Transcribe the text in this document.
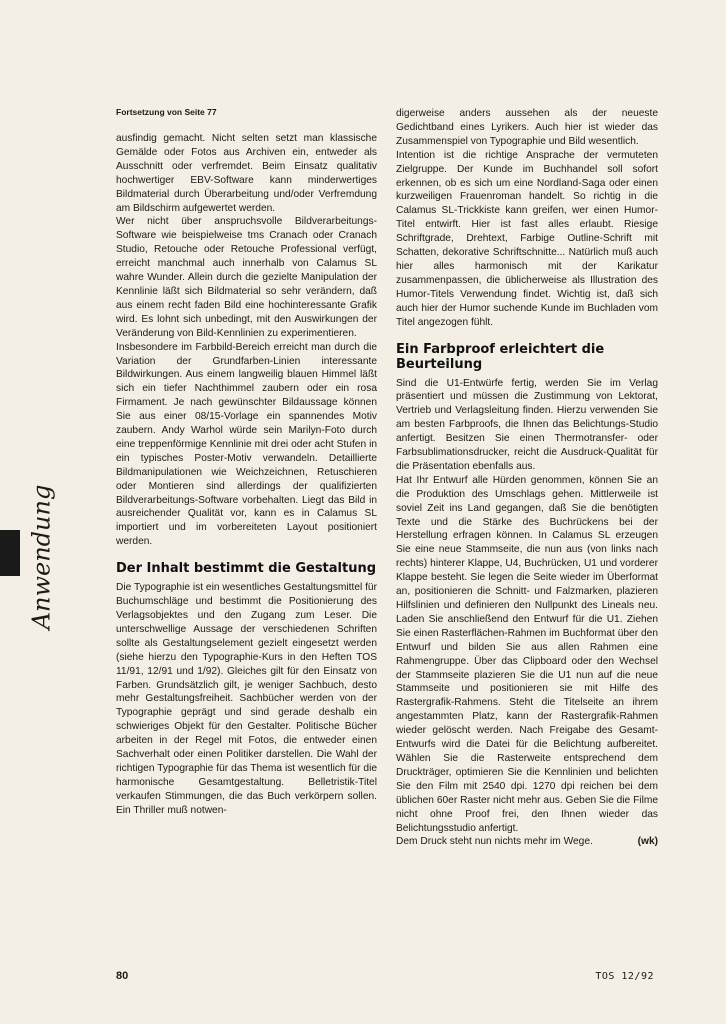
Anwendung
Fortsetzung von Seite 77

ausfindig gemacht. Nicht selten setzt man klassische Gemälde oder Fotos aus Archiven ein, entweder als Ausschnitt oder verfremdet. Beim Einsatz qualitativ hochwertiger EBV-Software kann minderwertiges Bildmaterial durch Überarbeitung und/oder Verfremdung am Bildschirm aufgewertet werden.

Wer nicht über anspruchsvolle Bildverarbeitungs-Software wie beispielweise tms Cranach oder Cranach Studio, Retouche oder Retouche Professional verfügt, erreicht manchmal auch innerhalb von Calamus SL wahre Wunder. Allein durch die gezielte Manipulation der Kennlinie läßt sich Bildmaterial so sehr verändern, daß aus einem recht faden Bild eine hochinteressante Grafik wird. Es lohnt sich unbedingt, mit den Auswirkungen der Veränderung von Bild-Kennlinien zu experimentieren.

Insbesondere im Farbbild-Bereich erreicht man durch die Variation der Grundfarben-Linien interessante Bildwirkungen. Aus einem langweilig blauen Himmel läßt sich ein tiefer Nachthimmel zaubern oder ein rosa Firmament. Je nach gewünschter Bildaussage können Sie aus einer 08/15-Vorlage ein spannendes Motiv zaubern. Andy Warhol würde sein Marilyn-Foto durch eine treppenförmige Kennlinie mit drei oder acht Stufen in ein typisches Poster-Motiv verwandeln. Detaillierte Bildmanipulationen wie Weichzeichnen, Retuschieren oder Montieren sind allerdings der qualifizierten Bildverarbeitungs-Software vorbehalten. Liegt das Bild in ausreichender Qualität vor, kann es in Calamus SL importiert und im vorbereiteten Layout positioniert werden.

Der Inhalt bestimmt die Gestaltung

Die Typographie ist ein wesentliches Gestaltungsmittel für Buchumschläge und bestimmt die Positionierung des Verlagsobjektes und den Zugang zum Leser. Die unterschwellige Aussage der verschiedenen Schriften sollte als Gestaltungselement gezielt eingesetzt werden (siehe hierzu den Typographie-Kurs in den Heften TOS 11/91, 12/91 und 1/92). Gleiches gilt für den Einsatz von Farben. Grundsätzlich gilt, je weniger Sachbuch, desto mehr Gestaltungsfreiheit. Sachbücher werden von der Typographie geprägt und sind gerade deshalb ein schwieriges Objekt für den Gestalter. Politische Bücher arbeiten in der Regel mit Fotos, die entweder einen Sachverhalt oder einen Politiker darstellen. Die Wahl der richtigen Typographie für das Thema ist wesentlich für die harmonische Gesamtgestaltung. Belletristik-Titel verkaufen Stimmungen, die das Buch verkörpern sollen. Ein Thriller muß notwen-

digerweise anders aussehen als der neueste Gedichtband eines Lyrikers. Auch hier ist wieder das Zusammenspiel von Typographie und Bild wesentlich.

Intention ist die richtige Ansprache der vermuteten Zielgruppe. Der Kunde im Buchhandel soll sofort erkennen, ob es sich um eine Nordland-Saga oder einen kurzweiligen Frauenroman handelt. So richtig in die Calamus SL-Trickkiste kann greifen, wer einen Humor-Titel entwirft. Hier ist fast alles erlaubt. Riesige Schriftgrade, Drehtext, Farbige Outline-Schrift mit Schatten, dekorative Schriftschnitte... Natürlich muß auch hier alles harmonisch mit der Karikatur zusammenpassen, die üblicherweise als Illustration des Humor-Titels Verwendung findet. Wichtig ist, daß sich auch hier der Humor suchende Kunde im Buchladen vom Titel angezogen fühlt.

Ein Farbproof erleichtert die Beurteilung

Sind die U1-Entwürfe fertig, werden Sie im Verlag präsentiert und müssen die Zustimmung von Lektorat, Vertrieb und Verlagsleitung finden. Hierzu verwenden Sie am besten Farbproofs, die Ihnen das Belichtungs-Studio anfertigt. Besitzen Sie einen Thermotransfer- oder Farbsublimationsdrucker, reicht die Ausdruck-Qualität für die Präsentation ebenfalls aus.

Hat Ihr Entwurf alle Hürden genommen, können Sie an die Produktion des Umschlags gehen. Mittlerweile ist soviel Zeit ins Land gegangen, daß Sie die benötigten Texte und die Stärke des Buchrückens bei der Herstellung erfragen können. In Calamus SL erzeugen Sie eine neue Stammseite, die nun aus (von links nach rechts) hinterer Klappe, U4, Buchrücken, U1 und vorderer Klappe besteht. Sie legen die Seite wieder im Überformat an, positionieren die Schnitt- und Falzmarken, plazieren Hilfslinien und definieren den Nullpunkt des Lineals neu. Laden Sie anschließend den Entwurf für die U1. Ziehen Sie einen Rasterflächen-Rahmen im Buchformat über den Entwurf und bilden Sie aus allen Rahmen eine Rahmengruppe. Über das Clipboard oder den Wechsel der Stammseite plazieren Sie die U1 nun auf die neue Stammseite und positionieren sie mit Hilfe des Rastergrafik-Rahmens. Steht die Titelseite an ihrem angestammten Platz, kann der Rastergrafik-Rahmen wieder gelöscht werden. Nach Freigabe des Gesamt-Entwurfs wird die Datei für die Belichtung aufbereitet. Wählen Sie die Rasterweite entsprechend dem Druckträger, optimieren Sie die Kennlinien und belichten Sie den Film mit 2540 dpi. 1270 dpi reichen bei dem üblichen 60er Raster nicht mehr aus. Geben Sie die Filme nicht ohne Proof frei, den Ihnen wieder das Belichtungsstudio anfertigt.

Dem Druck steht nun nichts mehr im Wege.	(wk)

80	TOS 12/92
